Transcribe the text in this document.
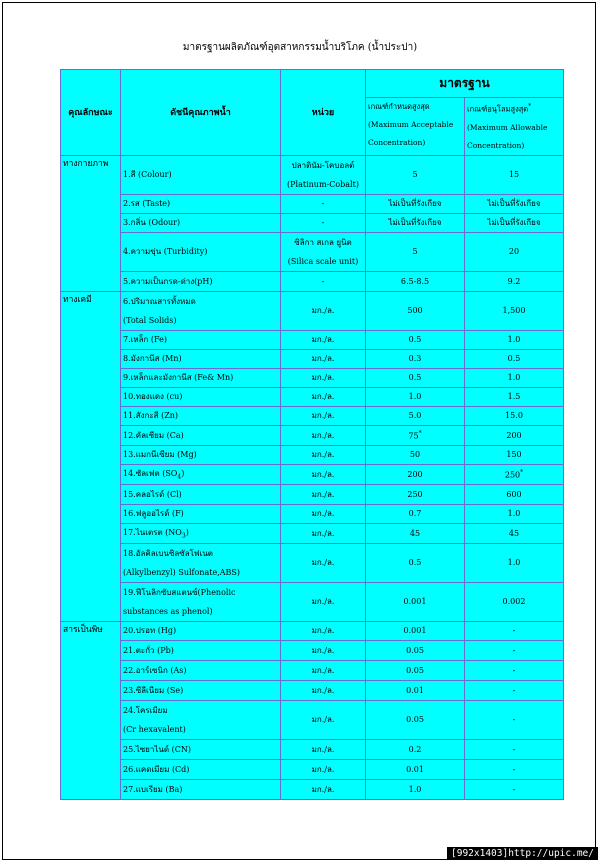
มาตรฐานผลิตภัณฑ์อุตสาหกรรมน้ำบริโภค (น้ำประปา)
คุณลักษณะ	ดัชนีคุณภาพน้ำ	หน่วย	มาตรฐาน	
			เกณฑ์กำหนดสูงสุด
(Maximum Acceptable
Concentration)	เกณฑ์อนุโลมสูงสุด*
(Maximum Allowable
Concentration)
ทางกายภาพ	1.สี (Colour)	ปลาตินัม-โคบอลต์
(Platinum-Cobalt)	5	15
	2.รส (Taste)	-	ไม่เป็นที่รังเกียจ	ไม่เป็นที่รังเกียจ
	3.กลิ่น (Odour)	-	ไม่เป็นที่รังเกียจ	ไม่เป็นที่รังเกียจ
	4.ความขุ่น (Turbidity)	ซิลิกา สเกล ยูนิต
(Silica scale unit)	5	20
	5.ความเป็นกรด-ด่าง(pH)	-	6.5-8.5	9.2
ทางเคมี	6.ปริมาณสารทั้งหมด
(Total Solids)	มก./ล.	500	1,500
	7.เหล็ก (Fe)	มก./ล.	0.5	1.0
	8.มังกานีส (Mn)	มก./ล.	0.3	0.5
	9.เหล็กและมังกานีส (Fe& Mn)	มก./ล.	0.5	1.0
	10.ทองแดง (cu)	มก./ล.	1.0	1.5
	11.สังกะสี (Zn)	มก./ล.	5.0	15.0
	12.คัลเซียม (Ca)	มก./ล.	75*	200
	13.แมกนีเซียม (Mg)	มก./ล.	50	150
	14.ซัลเฟต $(SO_4)$	มก./ล.	200	250*
	15.คลอไรด์ (Cl)	มก./ล.	250	600
	16.ฟลูออไรด์ (F)	มก./ล.	0.7	1.0
	17.ไนเตรต $(NO_3)$	มก./ล.	45	45
	18.อัลคิลเบนซิลซัลโฟเนต
(Alkylbenzyl) Sulfonate,ABS)	มก./ล.	0.5	1.0
	19.ฟีโนลิกซับสแตนซ์(Phenolic
substances as phenol)	มก./ล.	0.001	0.002
สารเป็นพิษ	20.ปรอท (Hg)	มก./ล.	0.001	-
	21.ตะกั่ว (Pb)	มก./ล.	0.05	-
	22.อาร์เซนิก (As)	มก./ล.	0.05	-
	23.ซีลีเนียม (Se)	มก./ล.	0.01	-
	24.โครเมียม
(Cr hexavalent)	มก./ล.	0.05	-
	25.ไซยาไนด์ (CN)	มก./ล.	0.2	-
	26.แคดเมียม (Cd)	มก./ล.	0.01	-
	27.แบเรียม (Ba)	มก./ล.	1.0	-
[992x1403]http://upic.me/
